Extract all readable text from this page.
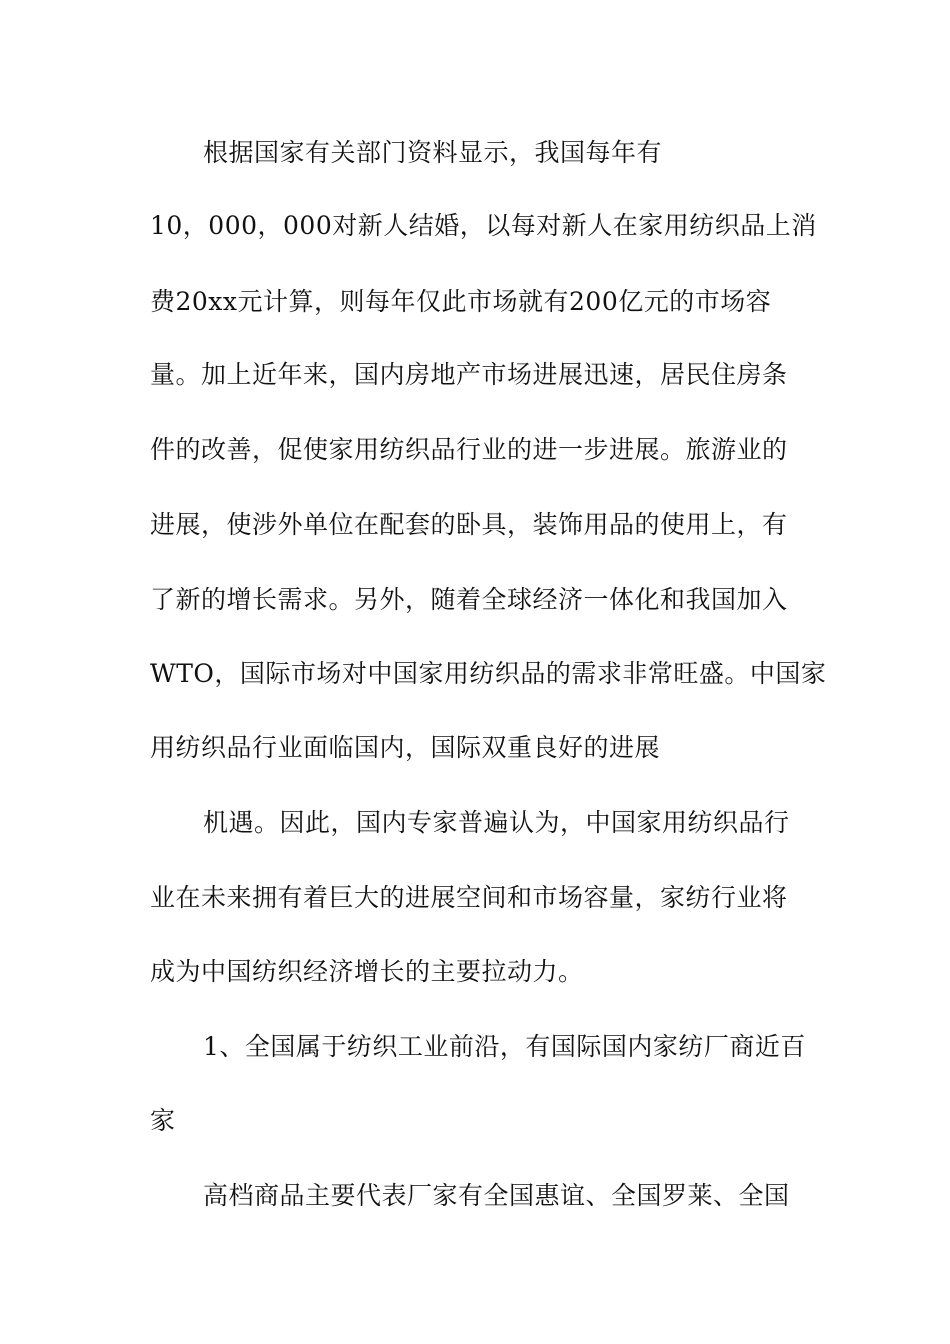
根据国家有关部门资料显示，我国每年有
10，000，000对新人结婚，以每对新人在家用纺织品上消
费20xx元计算，则每年仅此市场就有200亿元的市场容
量。加上近年来，国内房地产市场进展迅速，居民住房条
件的改善，促使家用纺织品行业的进一步进展。旅游业的
进展，使涉外单位在配套的卧具，装饰用品的使用上，有
了新的增长需求。另外，随着全球经济一体化和我国加入
WTO，国际市场对中国家用纺织品的需求非常旺盛。中国家
用纺织品行业面临国内，国际双重良好的进展
机遇。因此，国内专家普遍认为，中国家用纺织品行
业在未来拥有着巨大的进展空间和市场容量，家纺行业将
成为中国纺织经济增长的主要拉动力。
1、全国属于纺织工业前沿，有国际国内家纺厂商近百
家
高档商品主要代表厂家有全国惠谊、全国罗莱、全国
